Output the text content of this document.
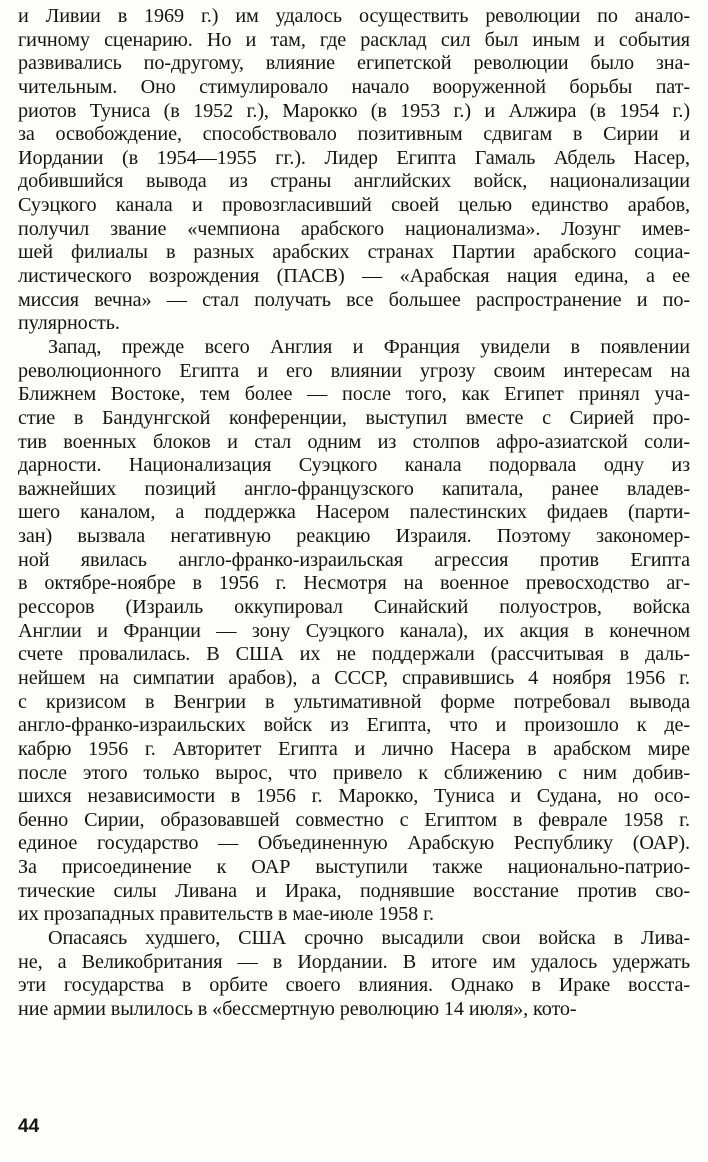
и Ливии в 1969 г.) им удалось осуществить революции по анало-
гичному сценарию. Но и там, где расклад сил был иным и события
развивались по-другому, влияние египетской революции было зна-
чительным. Оно стимулировало начало вооруженной борьбы пат-
риотов Туниса (в 1952 г.), Марокко (в 1953 г.) и Алжира (в 1954 г.)
за освобождение, способствовало позитивным сдвигам в Сирии и
Иордании (в 1954—1955 гг.). Лидер Египта Гамаль Абдель Насер,
добившийся вывода из страны английских войск, национализации
Суэцкого канала и провозгласивший своей целью единство арабов,
получил звание «чемпиона арабского национализма». Лозунг имев-
шей филиалы в разных арабских странах Партии арабского социа-
листического возрождения (ПАСВ) — «Арабская нация едина, а ее
миссия вечна» — стал получать все большее распространение и по-
пулярность.
Запад, прежде всего Англия и Франция увидели в появлении
революционного Египта и его влиянии угрозу своим интересам на
Ближнем Востоке, тем более — после того, как Египет принял уча-
стие в Бандунгской конференции, выступил вместе с Сирией про-
тив военных блоков и стал одним из столпов афро-азиатской соли-
дарности. Национализация Суэцкого канала подорвала одну из
важнейших позиций англо-французского капитала, ранее владев-
шего каналом, а поддержка Насером палестинских фидаев (парти-
зан) вызвала негативную реакцию Израиля. Поэтому закономер-
ной явилась англо-франко-израильская агрессия против Египта
в октябре-ноябре в 1956 г. Несмотря на военное превосходство аг-
рессоров (Израиль оккупировал Синайский полуостров, войска
Англии и Франции — зону Суэцкого канала), их акция в конечном
счете провалилась. В США их не поддержали (рассчитывая в даль-
нейшем на симпатии арабов), а СССР, справившись 4 ноября 1956 г.
с кризисом в Венгрии в ультимативной форме потребовал вывода
англо-франко-израильских войск из Египта, что и произошло к де-
кабрю 1956 г. Авторитет Египта и лично Насера в арабском мире
после этого только вырос, что привело к сближению с ним добив-
шихся независимости в 1956 г. Марокко, Туниса и Судана, но осо-
бенно Сирии, образовавшей совместно с Египтом в феврале 1958 г.
единое государство — Объединенную Арабскую Республику (ОАР).
За присоединение к ОАР выступили также национально-патрио-
тические силы Ливана и Ирака, поднявшие восстание против сво-
их прозападных правительств в мае-июле 1958 г.
Опасаясь худшего, США срочно высадили свои войска в Лива-
не, а Великобритания — в Иордании. В итоге им удалось удержать
эти государства в орбите своего влияния. Однако в Ираке восста-
ние армии вылилось в «бессмертную революцию 14 июля», кото-
44
